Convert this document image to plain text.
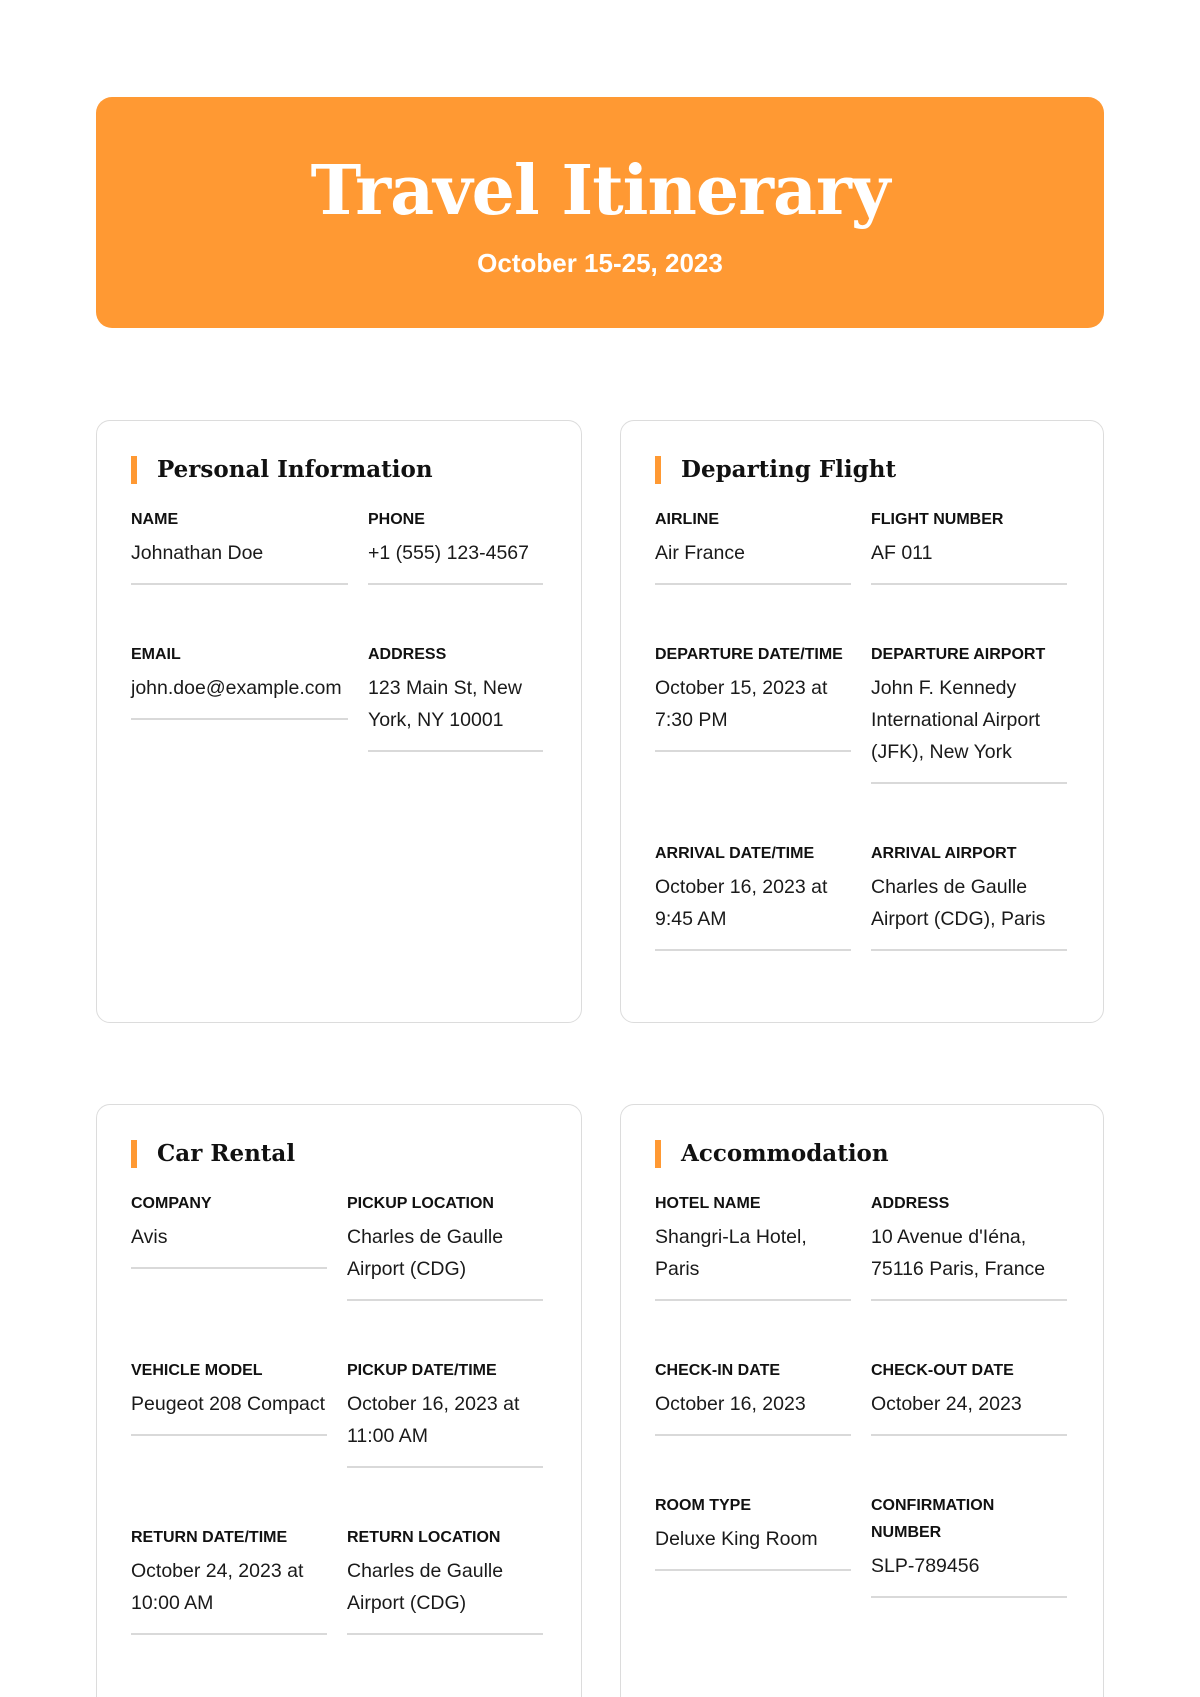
Travel Itinerary
October 15-25, 2023
Personal Information
NAME
Johnathan Doe
PHONE
+1 (555) 123-4567
EMAIL
john.doe@example.com
ADDRESS
123 Main St, New York, NY 10001
Departing Flight
AIRLINE
Air France
FLIGHT NUMBER
AF 011
DEPARTURE DATE/TIME
October 15, 2023 at 7:30 PM
DEPARTURE AIRPORT
John F. Kennedy International Airport (JFK), New York
ARRIVAL DATE/TIME
October 16, 2023 at 9:45 AM
ARRIVAL AIRPORT
Charles de Gaulle Airport (CDG), Paris
Car Rental
COMPANY
Avis
PICKUP LOCATION
Charles de Gaulle Airport (CDG)
VEHICLE MODEL
Peugeot 208 Compact
PICKUP DATE/TIME
October 16, 2023 at 11:00 AM
RETURN DATE/TIME
October 24, 2023 at 10:00 AM
RETURN LOCATION
Charles de Gaulle Airport (CDG)
Accommodation
HOTEL NAME
Shangri-La Hotel, Paris
ADDRESS
10 Avenue d'Iéna, 75116 Paris, France
CHECK-IN DATE
October 16, 2023
CHECK-OUT DATE
October 24, 2023
ROOM TYPE
Deluxe King Room
CONFIRMATION NUMBER
SLP-789456
